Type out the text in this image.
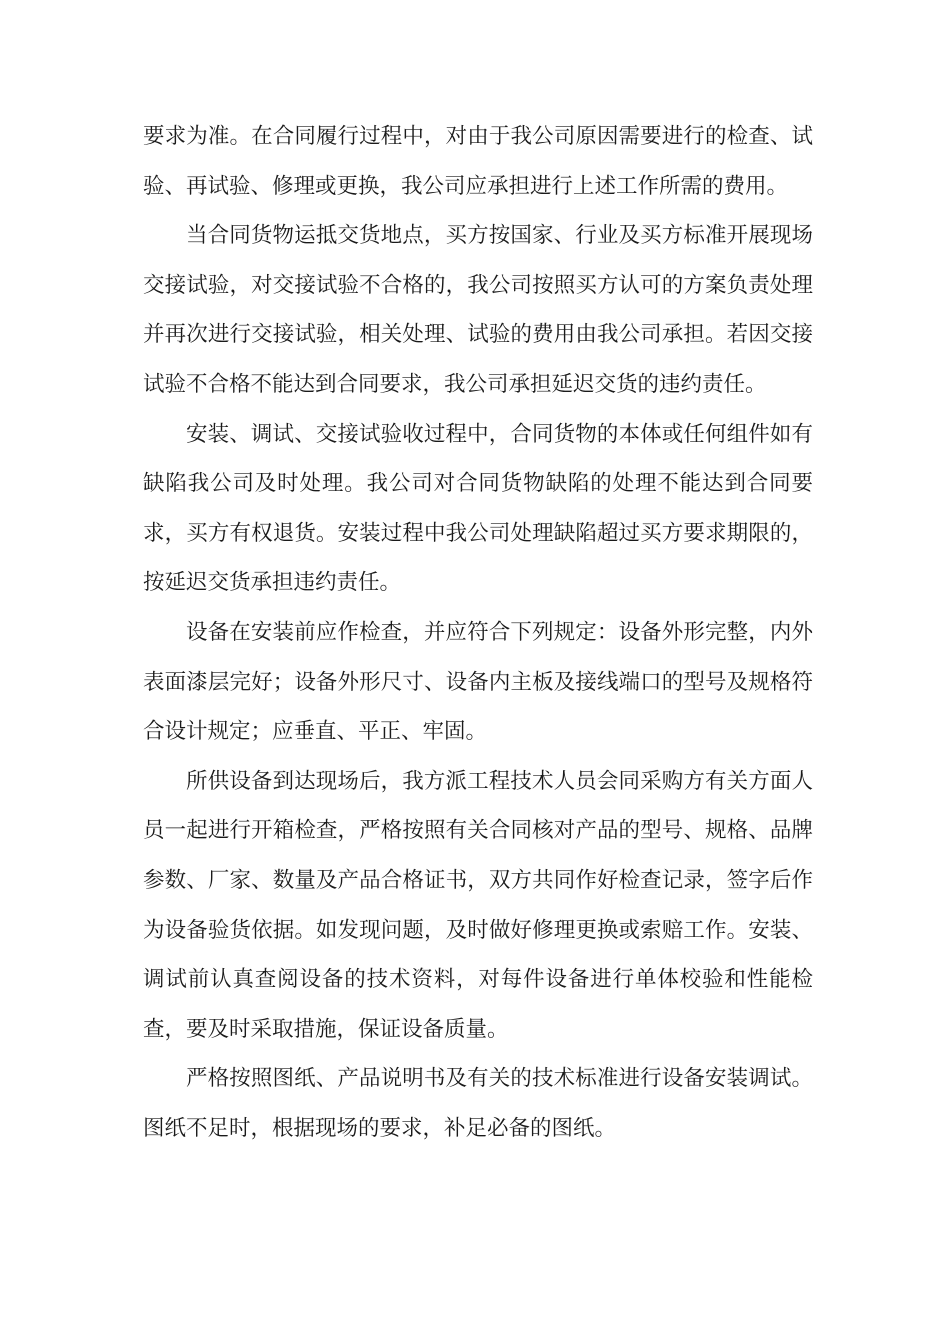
要求为准。在合同履行过程中，对由于我公司原因需要进行的检查、试验、再试验、修理或更换，我公司应承担进行上述工作所需的费用。

当合同货物运抵交货地点，买方按国家、行业及买方标准开展现场交接试验，对交接试验不合格的，我公司按照买方认可的方案负责处理并再次进行交接试验，相关处理、试验的费用由我公司承担。若因交接试验不合格不能达到合同要求，我公司承担延迟交货的违约责任。

安装、调试、交接试验收过程中，合同货物的本体或任何组件如有缺陷我公司及时处理。我公司对合同货物缺陷的处理不能达到合同要求，买方有权退货。安装过程中我公司处理缺陷超过买方要求期限的，按延迟交货承担违约责任。

设备在安装前应作检查，并应符合下列规定：设备外形完整，内外表面漆层完好；设备外形尺寸、设备内主板及接线端口的型号及规格符合设计规定；应垂直、平正、牢固。

所供设备到达现场后，我方派工程技术人员会同采购方有关方面人员一起进行开箱检查，严格按照有关合同核对产品的型号、规格、品牌参数、厂家、数量及产品合格证书，双方共同作好检查记录，签字后作为设备验货依据。如发现问题，及时做好修理更换或索赔工作。安装、调试前认真查阅设备的技术资料，对每件设备进行单体校验和性能检查，要及时采取措施，保证设备质量。

严格按照图纸、产品说明书及有关的技术标准进行设备安装调试。图纸不足时，根据现场的要求，补足必备的图纸。
